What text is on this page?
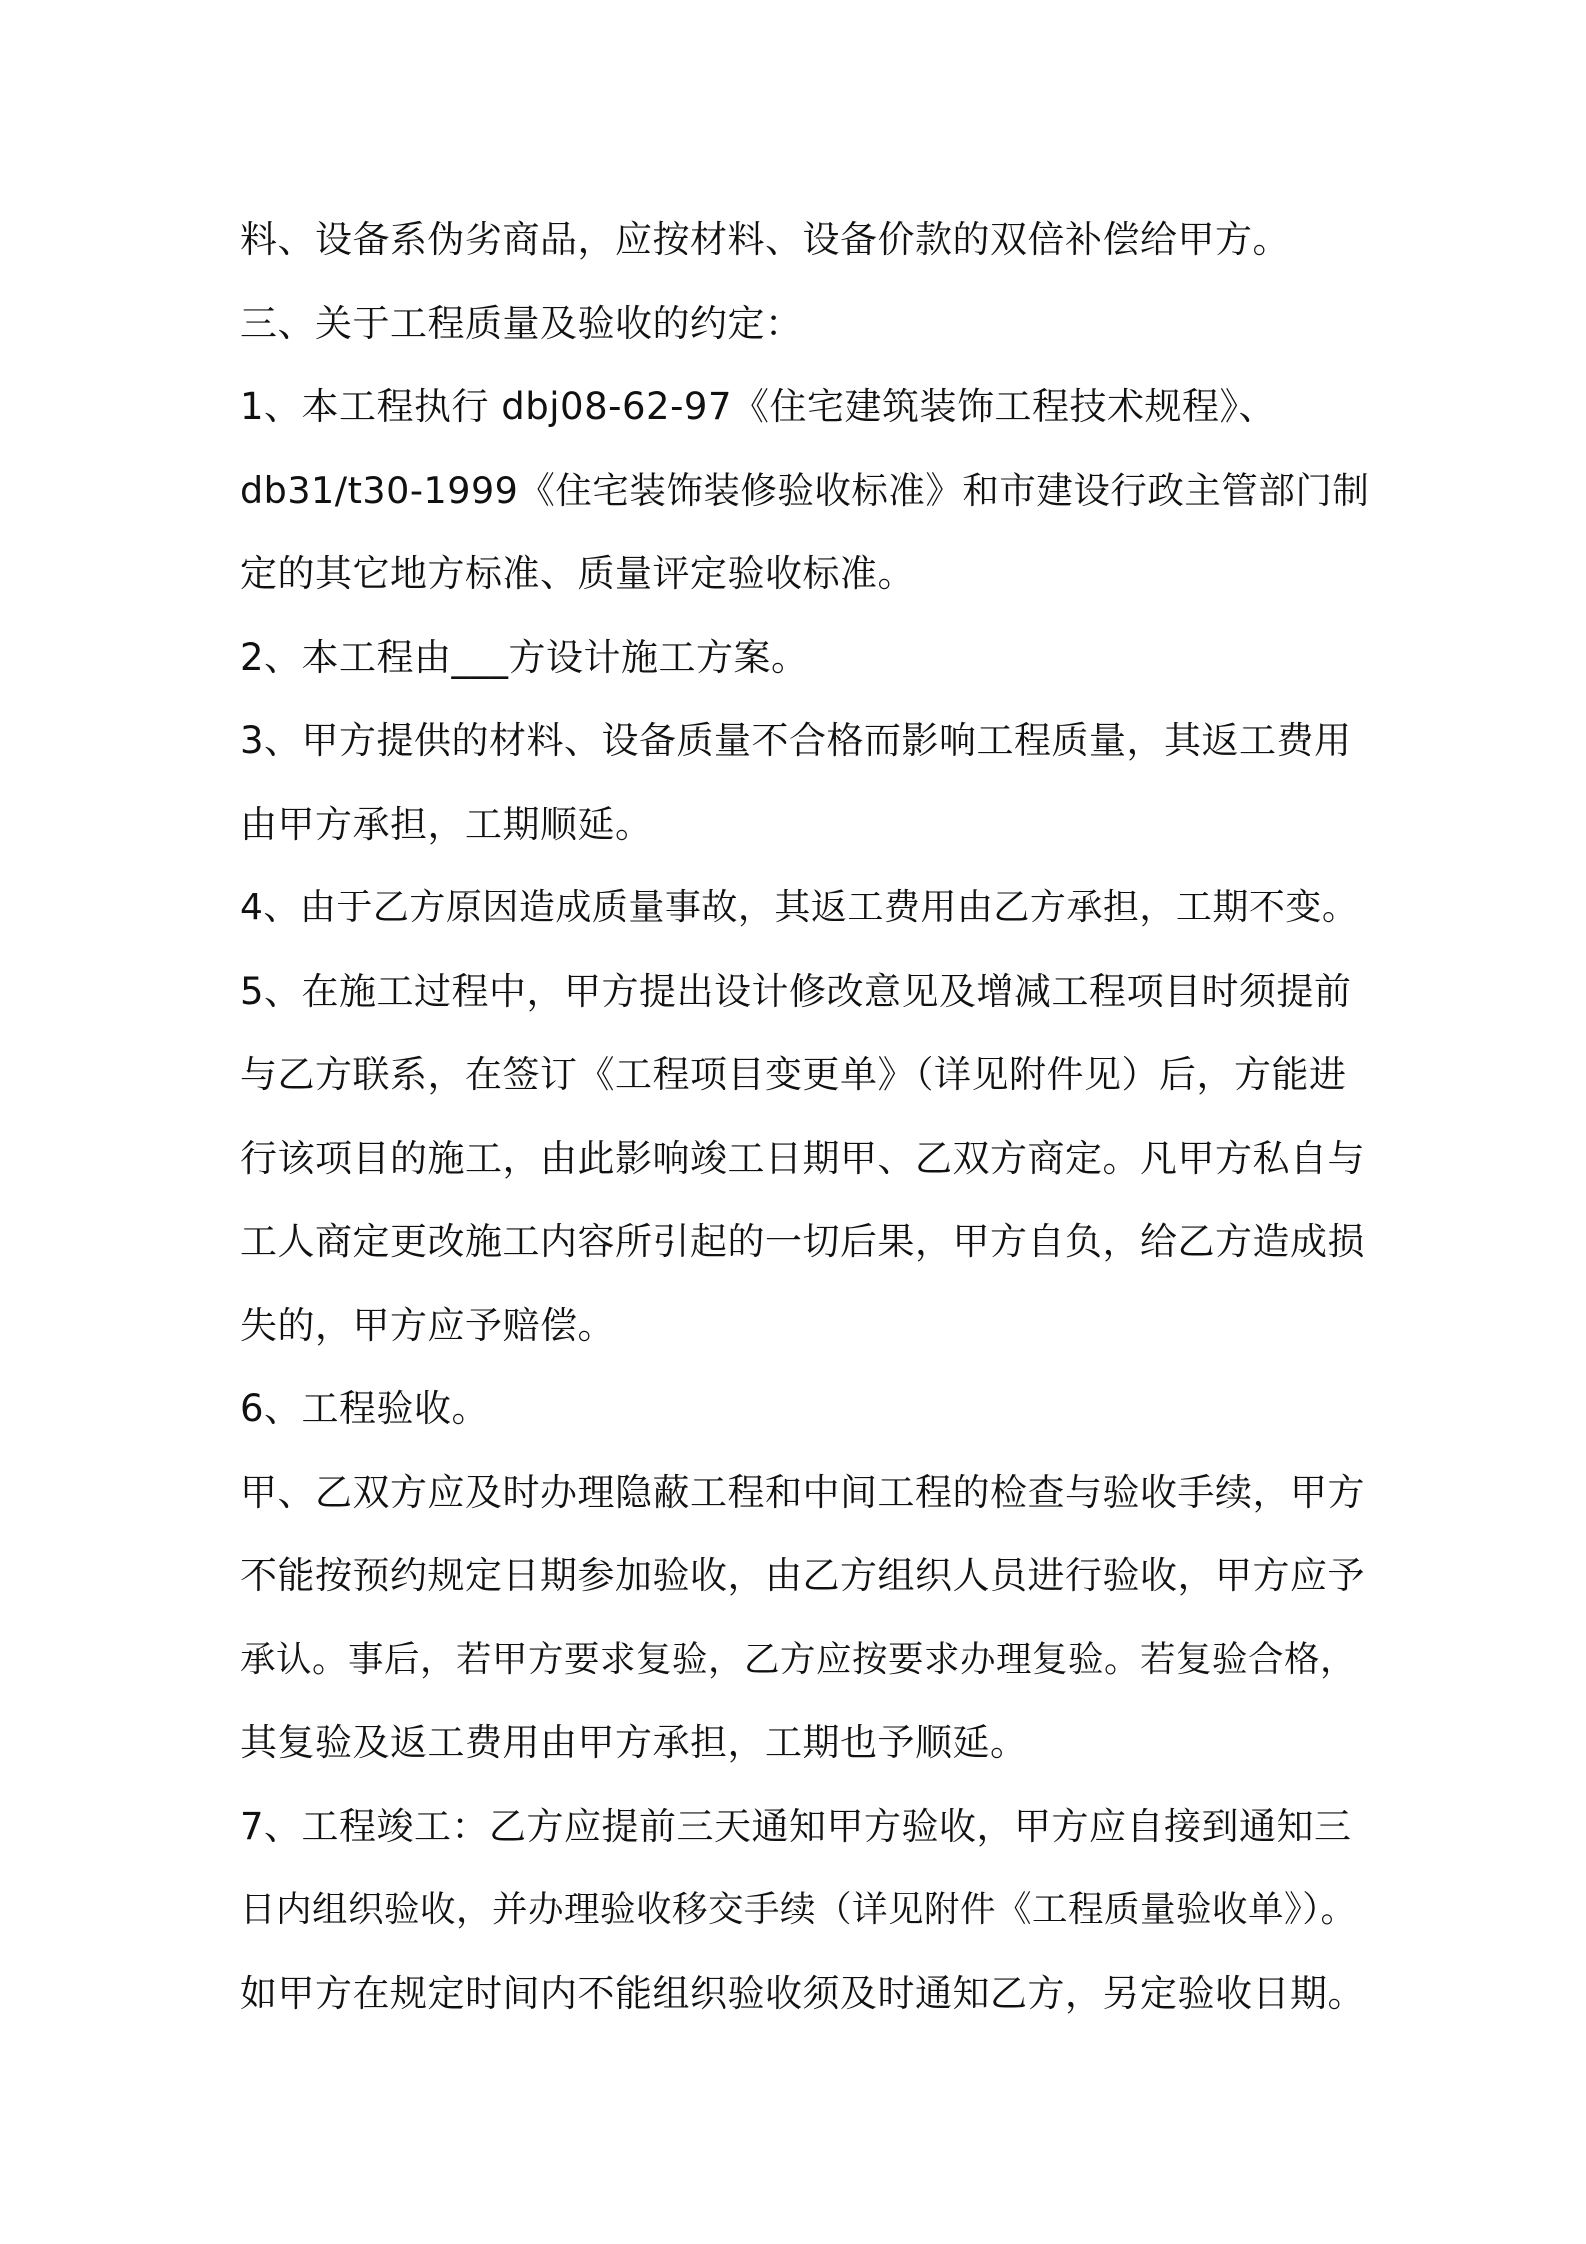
料、设备系伪劣商品，应按材料、设备价款的双倍补偿给甲方。
三、关于工程质量及验收的约定：
1、本工程执行 dbj08-62-97《住宅建筑装饰工程技术规程》、
db31/t30-1999《住宅装饰装修验收标准》和市建设行政主管部门制
定的其它地方标准、质量评定验收标准。
2、本工程由___方设计施工方案。
3、甲方提供的材料、设备质量不合格而影响工程质量，其返工费用
由甲方承担，工期顺延。
4、由于乙方原因造成质量事故，其返工费用由乙方承担，工期不变。
5、在施工过程中，甲方提出设计修改意见及增减工程项目时须提前
与乙方联系，在签订《工程项目变更单》（详见附件见）后，方能进
行该项目的施工，由此影响竣工日期甲、乙双方商定。凡甲方私自与
工人商定更改施工内容所引起的一切后果，甲方自负，给乙方造成损
失的，甲方应予赔偿。
6、工程验收。
甲、乙双方应及时办理隐蔽工程和中间工程的检查与验收手续，甲方
不能按预约规定日期参加验收，由乙方组织人员进行验收，甲方应予
承认。事后，若甲方要求复验，乙方应按要求办理复验。若复验合格，
其复验及返工费用由甲方承担，工期也予顺延。
7、工程竣工：乙方应提前三天通知甲方验收，甲方应自接到通知三
日内组织验收，并办理验收移交手续（详见附件《工程质量验收单》）。
如甲方在规定时间内不能组织验收须及时通知乙方，另定验收日期。
